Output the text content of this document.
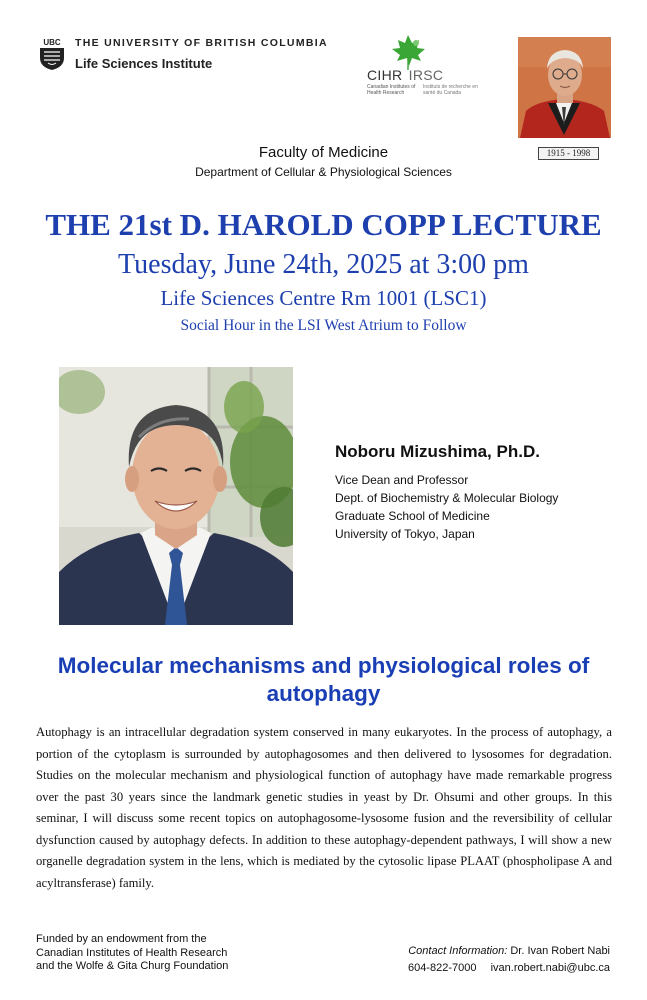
UBC THE UNIVERSITY OF BRITISH COLUMBIA
Life Sciences Institute
CIHR IRSC
Canadian Institutes of Health Research
Instituts de recherche en santé du Canada
1915 - 1998
Faculty of Medicine
Department of Cellular & Physiological Sciences
THE 21st D. HAROLD COPP LECTURE
Tuesday, June 24th, 2025 at 3:00 pm
Life Sciences Centre Rm 1001 (LSC1)
Social Hour in the LSI West Atrium to Follow
Noboru Mizushima, Ph.D.
Vice Dean and Professor
Dept. of Biochemistry & Molecular Biology
Graduate School of Medicine
University of Tokyo, Japan
Molecular mechanisms and physiological roles of autophagy
Autophagy is an intracellular degradation system conserved in many eukaryotes. In the process of autophagy, a portion of the cytoplasm is surrounded by autophagosomes and then delivered to lysosomes for degradation. Studies on the molecular mechanism and physiological function of autophagy have made remarkable progress over the past 30 years since the landmark genetic studies in yeast by Dr. Ohsumi and other groups. In this seminar, I will discuss some recent topics on autophagosome-lysosome fusion and the reversibility of cellular dysfunction caused by autophagy defects. In addition to these autophagy-dependent pathways, I will show a new organelle degradation system in the lens, which is mediated by the cytosolic lipase PLAAT (phospholipase A and acyltransferase) family.
Funded by an endowment from the
Canadian Institutes of Health Research
and the Wolfe & Gita Churg Foundation
Contact Information: Dr. Ivan Robert Nabi
604-822-7000 ivan.robert.nabi@ubc.ca
